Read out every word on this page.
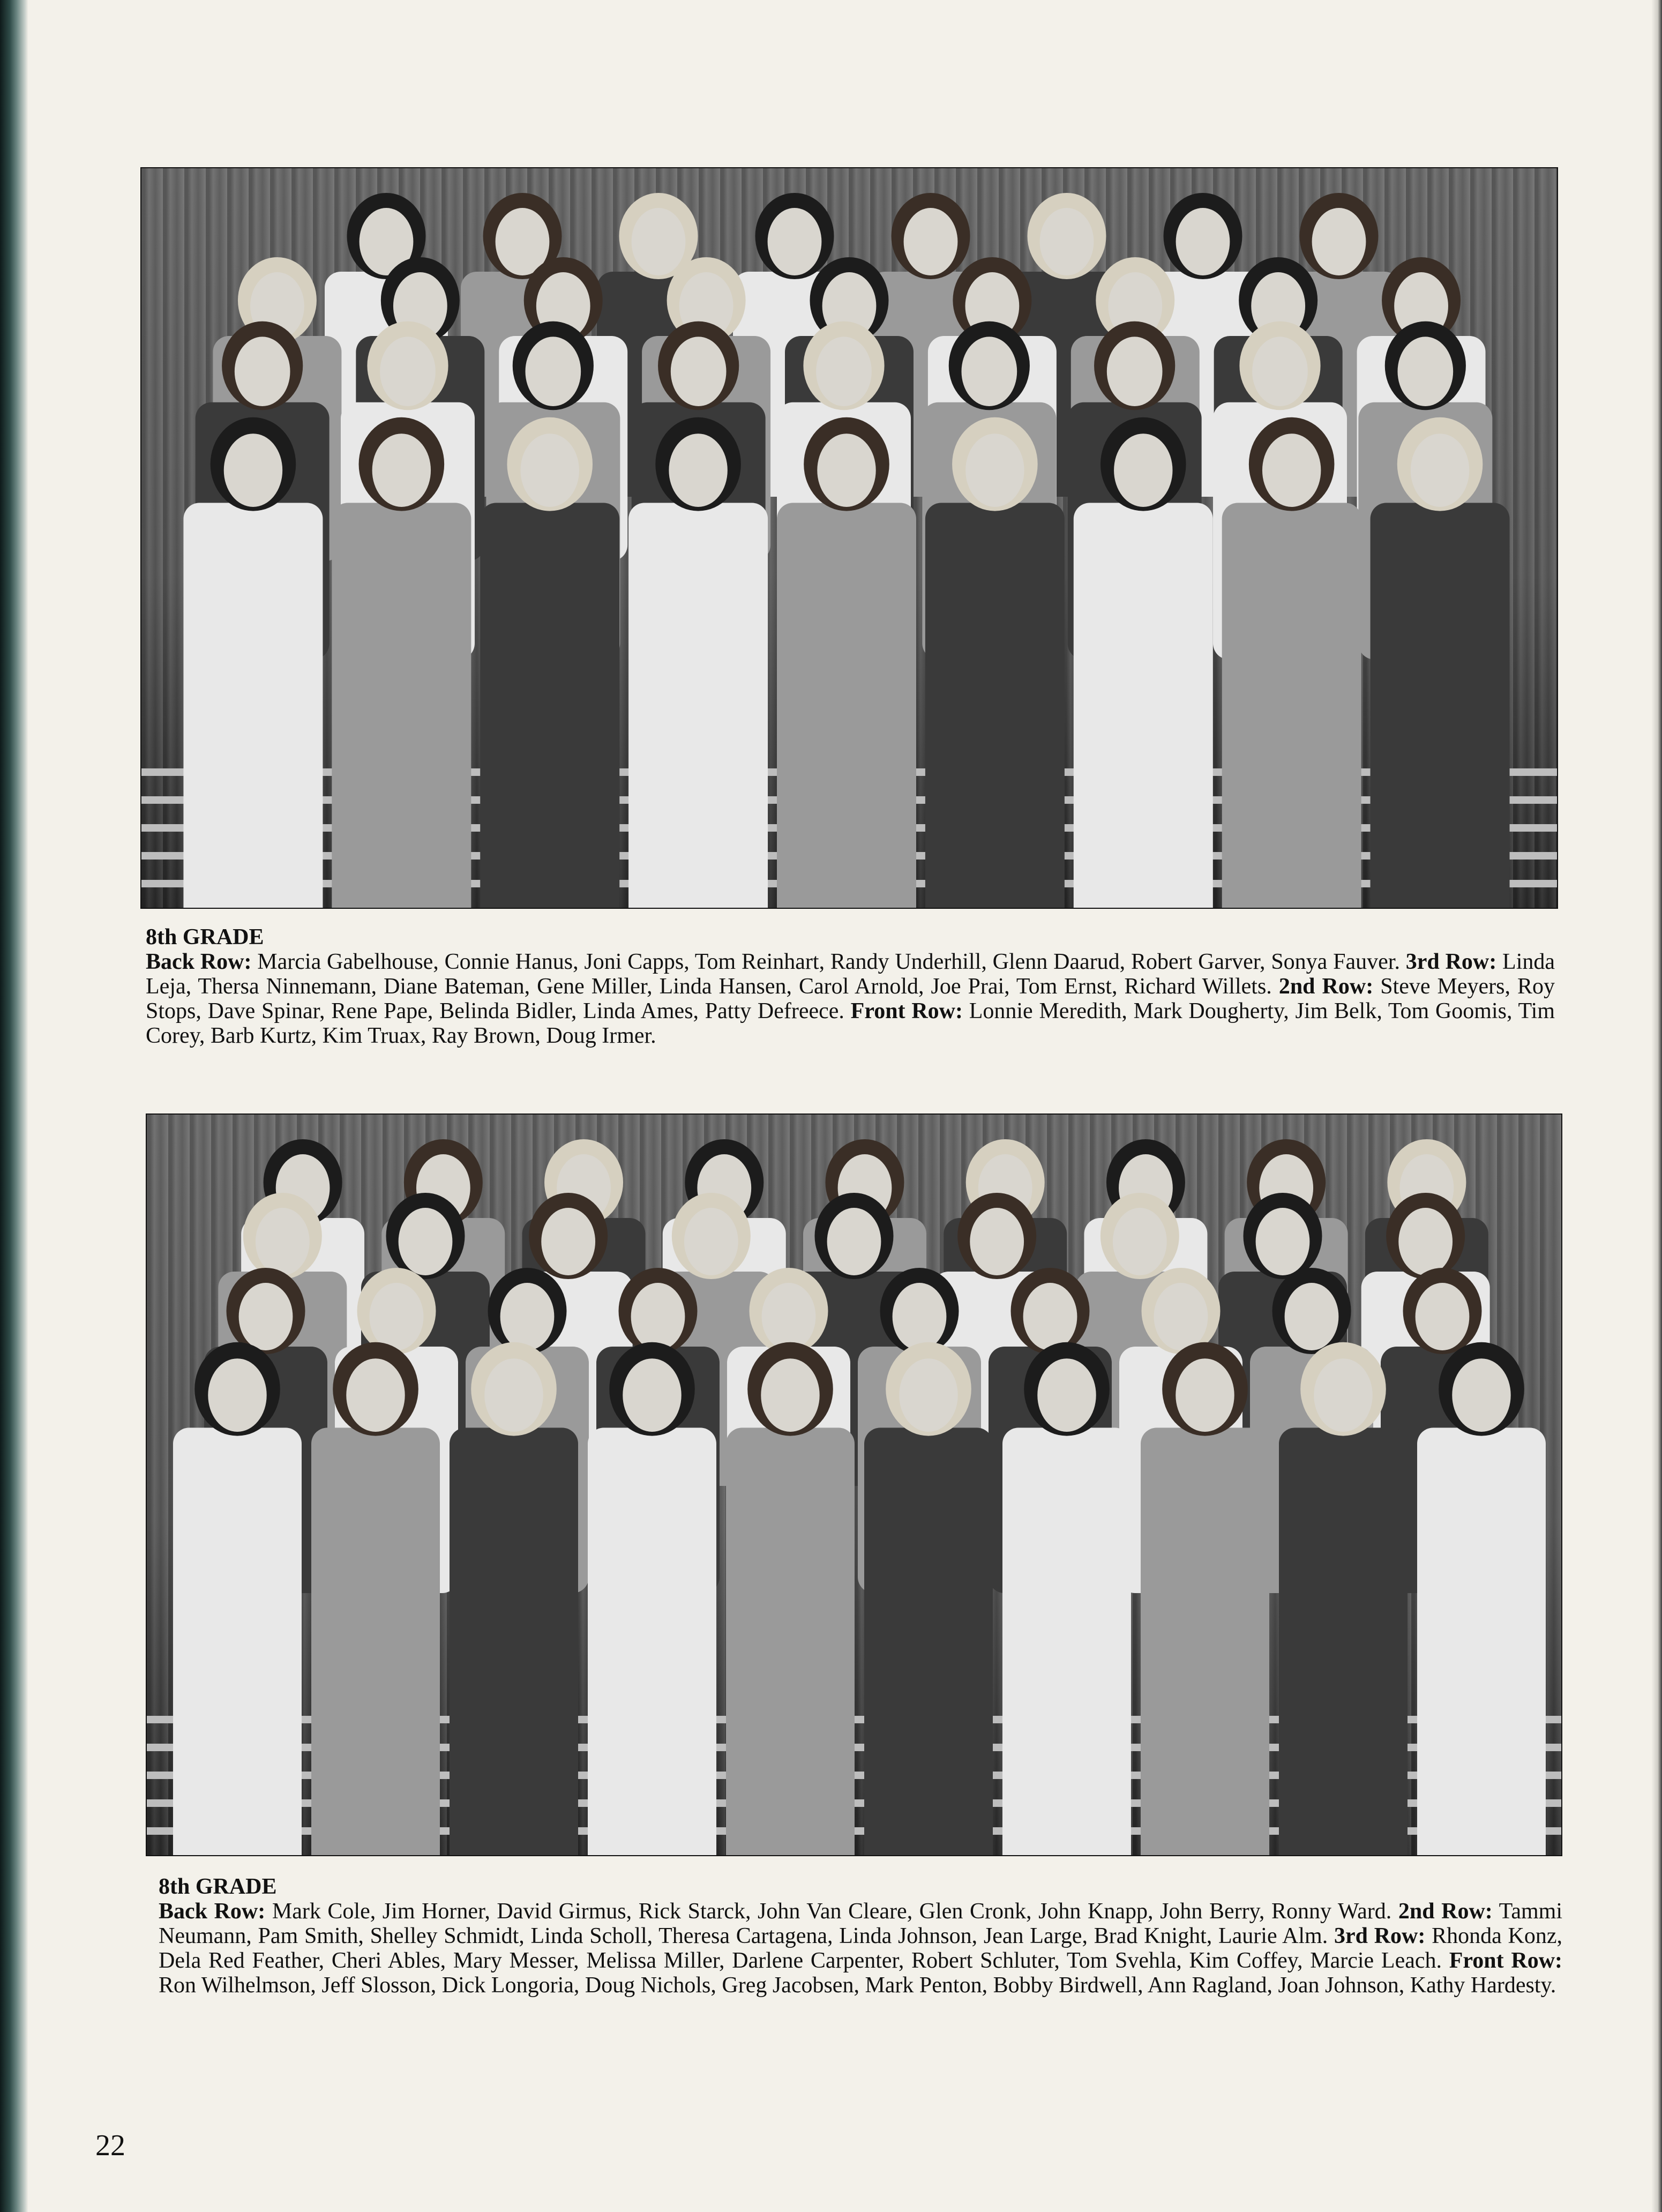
8th GRADE
Back Row: Marcia Gabelhouse, Connie Hanus, Joni Capps, Tom Reinhart, Randy Underhill, Glenn Daarud, Robert Garver, Sonya Fauver. 3rd Row: Linda Leja, Thersa Ninnemann, Diane Bateman, Gene Miller, Linda Hansen, Carol Arnold, Joe Prai, Tom Ernst, Richard Willets. 2nd Row: Steve Meyers, Roy Stops, Dave Spinar, Rene Pape, Belinda Bidler, Linda Ames, Patty Defreece. Front Row: Lonnie Meredith, Mark Dougherty, Jim Belk, Tom Goomis, Tim Corey, Barb Kurtz, Kim Truax, Ray Brown, Doug Irmer.
8th GRADE
Back Row: Mark Cole, Jim Horner, David Girmus, Rick Starck, John Van Cleare, Glen Cronk, John Knapp, John Berry, Ronny Ward. 2nd Row: Tammi Neumann, Pam Smith, Shelley Schmidt, Linda Scholl, Theresa Cartagena, Linda Johnson, Jean Large, Brad Knight, Laurie Alm. 3rd Row: Rhonda Konz, Dela Red Feather, Cheri Ables, Mary Messer, Melissa Miller, Darlene Carpenter, Robert Schluter, Tom Svehla, Kim Coffey, Marcie Leach. Front Row: Ron Wilhelmson, Jeff Slosson, Dick Longoria, Doug Nichols, Greg Jacobsen, Mark Penton, Bobby Birdwell, Ann Ragland, Joan Johnson, Kathy Hardesty.
22
